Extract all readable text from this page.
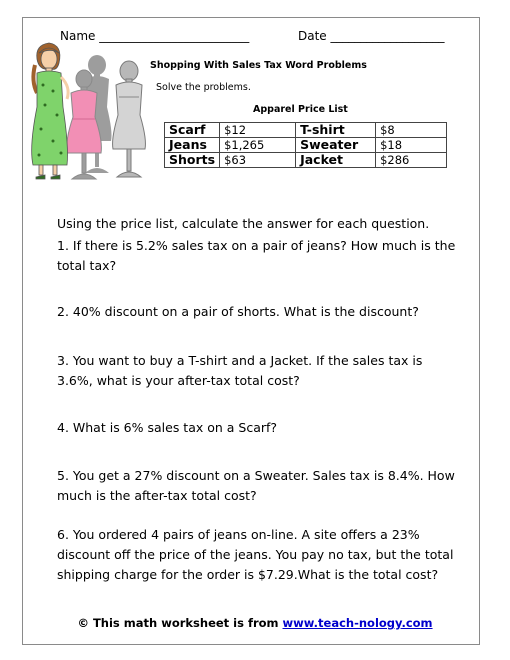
Name _________________________	Date ___________________
Shopping With Sales Tax Word Problems
Solve the problems.
Apparel Price List
Scarf	$12	T-shirt	$8
Jeans	$1,265	Sweater	$18
Shorts	$63	Jacket	$286
Using the price list, calculate the answer for each question.
1. If there is 5.2% sales tax on a pair of jeans? How much is the total tax?
2. 40% discount on a pair of shorts. What is the discount?
3. You want to buy a T-shirt and a Jacket. If the sales tax is 3.6%, what is your after-tax total cost?
4. What is 6% sales tax on a Scarf?
5. You get a 27% discount on a Sweater. Sales tax is 8.4%. How much is the after-tax total cost?
6. You ordered 4 pairs of jeans on-line. A site offers a 23% discount off the price of the jeans. You pay no tax, but the total shipping charge for the order is $7.29.What is the total cost?
© This math worksheet is from www.teach-nology.com
